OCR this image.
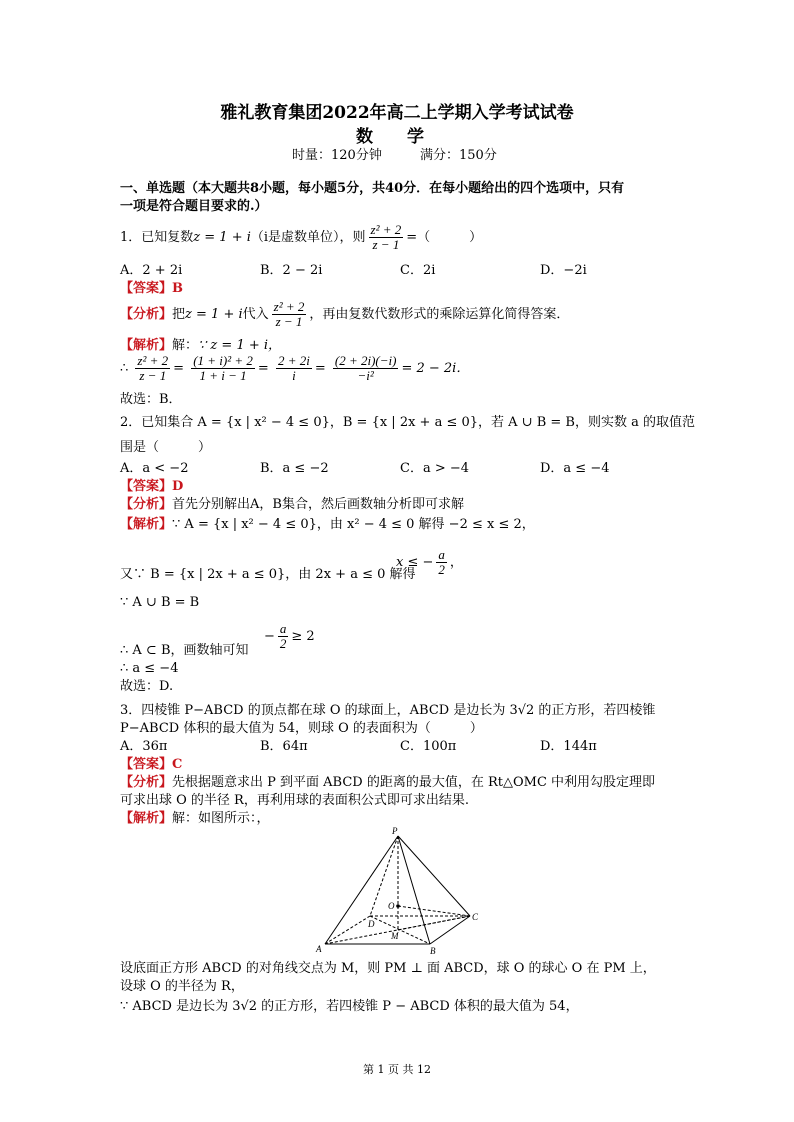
雅礼教育集团2022年高二上学期入学考试试卷
数 学
时量：120分钟	满分：150分
一、单选题（本大题共8小题，每小题5分，共40分．在每小题给出的四个选项中，只有
一项是符合题目要求的.）
1．已知复数z = 1 + i（i是虚数单位），则 $\frac{\text{z² + 2}}{z - 1}$ =（　　　）
A．2 + 2i	B．2 − 2i	C．2i	D．−2i
【答案】B
【分析】把z = 1 + i代入 $\frac{\text{z² + 2}}{z - 1}$ ，再由复数代数形式的乘除运算化简得答案．
【解析】解：∵ z = 1 + i，
∴ $\frac{\text{z² + 2}}{z - 1} = \frac{\text{(1 + i)² + 2}}{1 + i - 1} = \frac{2 + 2i}{i} = \frac{(2 + 2i)(-i)}{\text{−i²}} = 2 - 2i$．
故选：B．
2．已知集合 A = {x | x² − 4 ≤ 0}，B = {x | 2x + a ≤ 0}，若 A ∪ B = B，则实数 a 的取值范
围是（　　　）
A．a < −2	B．a ≤ −2	C．a > −4	D．a ≤ −4
【答案】D
【分析】首先分别解出A，B集合，然后画数轴分析即可求解
【解析】∵ A = {x | x² − 4 ≤ 0}，由 x² − 4 ≤ 0 解得 −2 ≤ x ≤ 2，
又∵ B = {x | 2x + a ≤ 0}，由 2x + a ≤ 0 解得
x ≤ − $\frac{a}{2}$ ，
∵ A ∪ B = B
∴ A ⊂ B，画数轴可知
− $\frac{a}{2} \ge 2$
∴ a ≤ −4
故选：D.
3．四棱锥 P−ABCD 的顶点都在球 O 的球面上，ABCD 是边长为 3√2 的正方形，若四棱锥
P−ABCD 体积的最大值为 54，则球 O 的表面积为（　　　）
A．36π	B．64π	C．100π	D．144π
【答案】C
【分析】先根据题意求出 P 到平面 ABCD 的距离的最大值，在 Rt△OMC 中利用勾股定理即
可求出球 O 的半径 R，再利用球的表面积公式即可求出结果.
【解析】解：如图所示：，
P
O
D
C
M
A	B
设底面正方形 ABCD 的对角线交点为 M，则 PM ⊥ 面 ABCD，球 O 的球心 O 在 PM 上，
设球 O 的半径为 R，
∵ ABCD 是边长为 3√2 的正方形，若四棱锥 P − ABCD 体积的最大值为 54，
第 1 页 共 12
